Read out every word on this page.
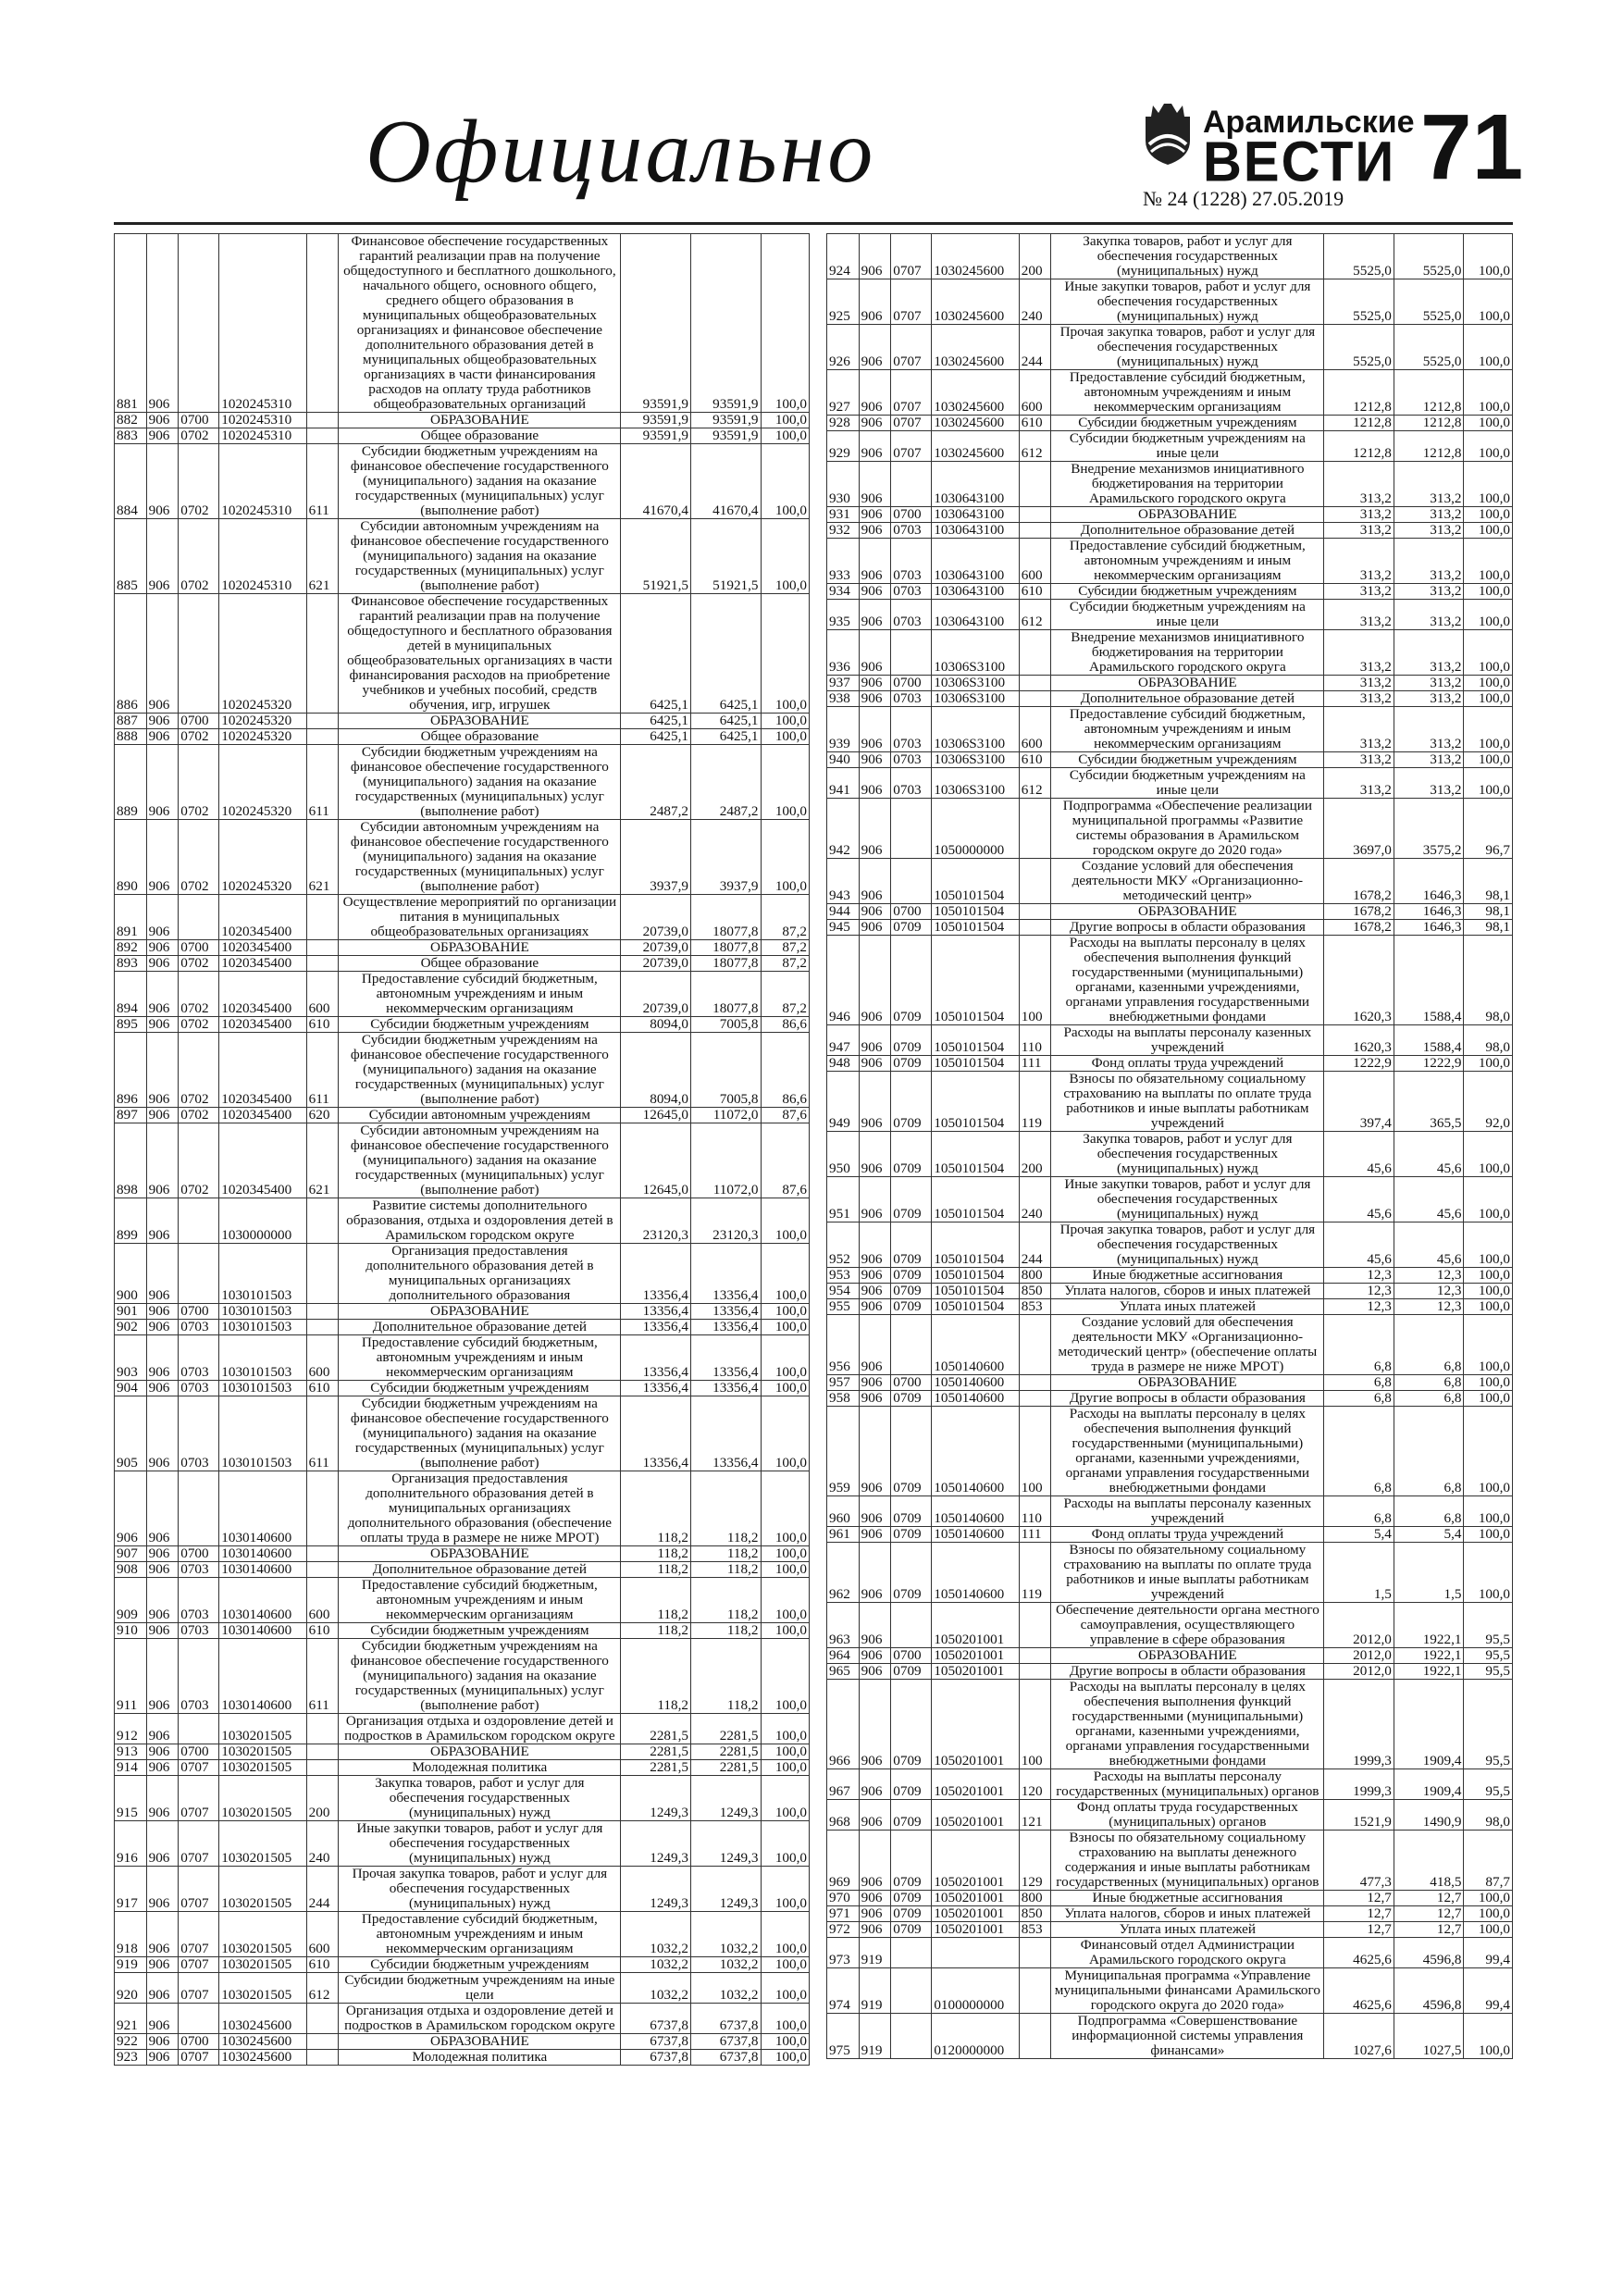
Официально	Арамильские
ВЕСТИ 71
№ 24 (1228) 27.05.2019
881	906		1020245310		Финансовое обеспечение государственных гарантий реализации прав на получение общедоступного и бесплатного дошкольного, начального общего, основного общего, среднего общего образования в муниципальных общеобразовательных организациях и финансовое обеспечение дополнительного образования детей в муниципальных общеобразовательных организациях в части финансирования расходов на оплату труда работников общеобразовательных организаций	93591,9	93591,9	100,0
882	906	0700	1020245310		ОБРАЗОВАНИЕ	93591,9	93591,9	100,0
883	906	0702	1020245310		Общее образование	93591,9	93591,9	100,0
884	906	0702	1020245310	611	Субсидии бюджетным учреждениям на финансовое обеспечение государственного (муниципального) задания на оказание государственных (муниципальных) услуг (выполнение работ)	41670,4	41670,4	100,0
885	906	0702	1020245310	621	Субсидии автономным учреждениям на финансовое обеспечение государственного (муниципального) задания на оказание государственных (муниципальных) услуг (выполнение работ)	51921,5	51921,5	100,0
886	906		1020245320		Финансовое обеспечение государственных гарантий реализации прав на получение общедоступного и бесплатного образования детей в муниципальных общеобразовательных организациях в части финансирования расходов на приобретение учебников и учебных пособий, средств обучения, игр, игрушек	6425,1	6425,1	100,0
887	906	0700	1020245320		ОБРАЗОВАНИЕ	6425,1	6425,1	100,0
888	906	0702	1020245320		Общее образование	6425,1	6425,1	100,0
889	906	0702	1020245320	611	Субсидии бюджетным учреждениям на финансовое обеспечение государственного (муниципального) задания на оказание государственных (муниципальных) услуг (выполнение работ)	2487,2	2487,2	100,0
890	906	0702	1020245320	621	Субсидии автономным учреждениям на финансовое обеспечение государственного (муниципального) задания на оказание государственных (муниципальных) услуг (выполнение работ)	3937,9	3937,9	100,0
891	906		1020345400		Осуществление мероприятий по организации питания в муниципальных общеобразовательных организациях	20739,0	18077,8	87,2
892	906	0700	1020345400		ОБРАЗОВАНИЕ	20739,0	18077,8	87,2
893	906	0702	1020345400		Общее образование	20739,0	18077,8	87,2
894	906	0702	1020345400	600	Предоставление субсидий бюджетным, автономным учреждениям и иным некоммерческим организациям	20739,0	18077,8	87,2
895	906	0702	1020345400	610	Субсидии бюджетным учреждениям	8094,0	7005,8	86,6
896	906	0702	1020345400	611	Субсидии бюджетным учреждениям на финансовое обеспечение государственного (муниципального) задания на оказание государственных (муниципальных) услуг (выполнение работ)	8094,0	7005,8	86,6
897	906	0702	1020345400	620	Субсидии автономным учреждениям	12645,0	11072,0	87,6
898	906	0702	1020345400	621	Субсидии автономным учреждениям на финансовое обеспечение государственного (муниципального) задания на оказание государственных (муниципальных) услуг (выполнение работ)	12645,0	11072,0	87,6
899	906		1030000000		Развитие системы дополнительного образования, отдыха и оздоровления детей в Арамильском городском округе	23120,3	23120,3	100,0
900	906		1030101503		Организация предоставления дополнительного образования детей в муниципальных организациях дополнительного образования	13356,4	13356,4	100,0
901	906	0700	1030101503		ОБРАЗОВАНИЕ	13356,4	13356,4	100,0
902	906	0703	1030101503		Дополнительное образование детей	13356,4	13356,4	100,0
903	906	0703	1030101503	600	Предоставление субсидий бюджетным, автономным учреждениям и иным некоммерческим организациям	13356,4	13356,4	100,0
904	906	0703	1030101503	610	Субсидии бюджетным учреждениям	13356,4	13356,4	100,0
905	906	0703	1030101503	611	Субсидии бюджетным учреждениям на финансовое обеспечение государственного (муниципального) задания на оказание государственных (муниципальных) услуг (выполнение работ)	13356,4	13356,4	100,0
906	906		1030140600		Организация предоставления дополнительного образования детей в муниципальных организациях дополнительного образования (обеспечение оплаты труда в размере не ниже МРОТ)	118,2	118,2	100,0
907	906	0700	1030140600		ОБРАЗОВАНИЕ	118,2	118,2	100,0
908	906	0703	1030140600		Дополнительное образование детей	118,2	118,2	100,0
909	906	0703	1030140600	600	Предоставление субсидий бюджетным, автономным учреждениям и иным некоммерческим организациям	118,2	118,2	100,0
910	906	0703	1030140600	610	Субсидии бюджетным учреждениям	118,2	118,2	100,0
911	906	0703	1030140600	611	Субсидии бюджетным учреждениям на финансовое обеспечение государственного (муниципального) задания на оказание государственных (муниципальных) услуг (выполнение работ)	118,2	118,2	100,0
912	906		1030201505		Организация отдыха и оздоровление детей и подростков в Арамильском городском округе	2281,5	2281,5	100,0
913	906	0700	1030201505		ОБРАЗОВАНИЕ	2281,5	2281,5	100,0
914	906	0707	1030201505		Молодежная политика	2281,5	2281,5	100,0
915	906	0707	1030201505	200	Закупка товаров, работ и услуг для обеспечения государственных (муниципальных) нужд	1249,3	1249,3	100,0
916	906	0707	1030201505	240	Иные закупки товаров, работ и услуг для обеспечения государственных (муниципальных) нужд	1249,3	1249,3	100,0
917	906	0707	1030201505	244	Прочая закупка товаров, работ и услуг для обеспечения государственных (муниципальных) нужд	1249,3	1249,3	100,0
918	906	0707	1030201505	600	Предоставление субсидий бюджетным, автономным учреждениям и иным некоммерческим организациям	1032,2	1032,2	100,0
919	906	0707	1030201505	610	Субсидии бюджетным учреждениям	1032,2	1032,2	100,0
920	906	0707	1030201505	612	Субсидии бюджетным учреждениям на иные цели	1032,2	1032,2	100,0
921	906		1030245600		Организация отдыха и оздоровление детей и подростков в Арамильском городском округе	6737,8	6737,8	100,0
922	906	0700	1030245600		ОБРАЗОВАНИЕ	6737,8	6737,8	100,0
923	906	0707	1030245600		Молодежная политика	6737,8	6737,8	100,0
924	906	0707	1030245600	200	Закупка товаров, работ и услуг для обеспечения государственных (муниципальных) нужд	5525,0	5525,0	100,0
925	906	0707	1030245600	240	Иные закупки товаров, работ и услуг для обеспечения государственных (муниципальных) нужд	5525,0	5525,0	100,0
926	906	0707	1030245600	244	Прочая закупка товаров, работ и услуг для обеспечения государственных (муниципальных) нужд	5525,0	5525,0	100,0
927	906	0707	1030245600	600	Предоставление субсидий бюджетным, автономным учреждениям и иным некоммерческим организациям	1212,8	1212,8	100,0
928	906	0707	1030245600	610	Субсидии бюджетным учреждениям	1212,8	1212,8	100,0
929	906	0707	1030245600	612	Субсидии бюджетным учреждениям на иные цели	1212,8	1212,8	100,0
930	906		1030643100		Внедрение механизмов инициативного бюджетирования на территории Арамильского городского округа	313,2	313,2	100,0
931	906	0700	1030643100		ОБРАЗОВАНИЕ	313,2	313,2	100,0
932	906	0703	1030643100		Дополнительное образование детей	313,2	313,2	100,0
933	906	0703	1030643100	600	Предоставление субсидий бюджетным, автономным учреждениям и иным некоммерческим организациям	313,2	313,2	100,0
934	906	0703	1030643100	610	Субсидии бюджетным учреждениям	313,2	313,2	100,0
935	906	0703	1030643100	612	Субсидии бюджетным учреждениям на иные цели	313,2	313,2	100,0
936	906		10306S3100		Внедрение механизмов инициативного бюджетирования на территории Арамильского городского округа	313,2	313,2	100,0
937	906	0700	10306S3100		ОБРАЗОВАНИЕ	313,2	313,2	100,0
938	906	0703	10306S3100		Дополнительное образование детей	313,2	313,2	100,0
939	906	0703	10306S3100	600	Предоставление субсидий бюджетным, автономным учреждениям и иным некоммерческим организациям	313,2	313,2	100,0
940	906	0703	10306S3100	610	Субсидии бюджетным учреждениям	313,2	313,2	100,0
941	906	0703	10306S3100	612	Субсидии бюджетным учреждениям на иные цели	313,2	313,2	100,0
942	906		1050000000		Подпрограмма «Обеспечение реализации муниципальной программы «Развитие системы образования в Арамильском городском округе до 2020 года»	3697,0	3575,2	96,7
943	906		1050101504		Создание условий для обеспечения деятельности МКУ «Организационно-методический центр»	1678,2	1646,3	98,1
944	906	0700	1050101504		ОБРАЗОВАНИЕ	1678,2	1646,3	98,1
945	906	0709	1050101504		Другие вопросы в области образования	1678,2	1646,3	98,1
946	906	0709	1050101504	100	Расходы на выплаты персоналу в целях обеспечения выполнения функций государственными (муниципальными) органами, казенными учреждениями, органами управления государственными внебюджетными фондами	1620,3	1588,4	98,0
947	906	0709	1050101504	110	Расходы на выплаты персоналу казенных учреждений	1620,3	1588,4	98,0
948	906	0709	1050101504	111	Фонд оплаты труда учреждений	1222,9	1222,9	100,0
949	906	0709	1050101504	119	Взносы по обязательному социальному страхованию на выплаты по оплате труда работников и иные выплаты работникам учреждений	397,4	365,5	92,0
950	906	0709	1050101504	200	Закупка товаров, работ и услуг для обеспечения государственных (муниципальных) нужд	45,6	45,6	100,0
951	906	0709	1050101504	240	Иные закупки товаров, работ и услуг для обеспечения государственных (муниципальных) нужд	45,6	45,6	100,0
952	906	0709	1050101504	244	Прочая закупка товаров, работ и услуг для обеспечения государственных (муниципальных) нужд	45,6	45,6	100,0
953	906	0709	1050101504	800	Иные бюджетные ассигнования	12,3	12,3	100,0
954	906	0709	1050101504	850	Уплата налогов, сборов и иных платежей	12,3	12,3	100,0
955	906	0709	1050101504	853	Уплата иных платежей	12,3	12,3	100,0
956	906		1050140600		Создание условий для обеспечения деятельности МКУ «Организационно-методический центр» (обеспечение оплаты труда в размере не ниже МРОТ)	6,8	6,8	100,0
957	906	0700	1050140600		ОБРАЗОВАНИЕ	6,8	6,8	100,0
958	906	0709	1050140600		Другие вопросы в области образования	6,8	6,8	100,0
959	906	0709	1050140600	100	Расходы на выплаты персоналу в целях обеспечения выполнения функций государственными (муниципальными) органами, казенными учреждениями, органами управления государственными внебюджетными фондами	6,8	6,8	100,0
960	906	0709	1050140600	110	Расходы на выплаты персоналу казенных учреждений	6,8	6,8	100,0
961	906	0709	1050140600	111	Фонд оплаты труда учреждений	5,4	5,4	100,0
962	906	0709	1050140600	119	Взносы по обязательному социальному страхованию на выплаты по оплате труда работников и иные выплаты работникам учреждений	1,5	1,5	100,0
963	906		1050201001		Обеспечение деятельности органа местного самоуправления, осуществляющего управление в сфере образования	2012,0	1922,1	95,5
964	906	0700	1050201001		ОБРАЗОВАНИЕ	2012,0	1922,1	95,5
965	906	0709	1050201001		Другие вопросы в области образования	2012,0	1922,1	95,5
966	906	0709	1050201001	100	Расходы на выплаты персоналу в целях обеспечения выполнения функций государственными (муниципальными) органами, казенными учреждениями, органами управления государственными внебюджетными фондами	1999,3	1909,4	95,5
967	906	0709	1050201001	120	Расходы на выплаты персоналу государственных (муниципальных) органов	1999,3	1909,4	95,5
968	906	0709	1050201001	121	Фонд оплаты труда государственных (муниципальных) органов	1521,9	1490,9	98,0
969	906	0709	1050201001	129	Взносы по обязательному социальному страхованию на выплаты денежного содержания и иные выплаты работникам государственных (муниципальных) органов	477,3	418,5	87,7
970	906	0709	1050201001	800	Иные бюджетные ассигнования	12,7	12,7	100,0
971	906	0709	1050201001	850	Уплата налогов, сборов и иных платежей	12,7	12,7	100,0
972	906	0709	1050201001	853	Уплата иных платежей	12,7	12,7	100,0
973	919				Финансовый отдел Администрации Арамильского городского округа	4625,6	4596,8	99,4
974	919		0100000000		Муниципальная программа «Управление муниципальными финансами Арамильского городского округа до 2020 года»	4625,6	4596,8	99,4
975	919		0120000000		Подпрограмма «Совершенствование информационной системы управления финансами»	1027,6	1027,5	100,0
